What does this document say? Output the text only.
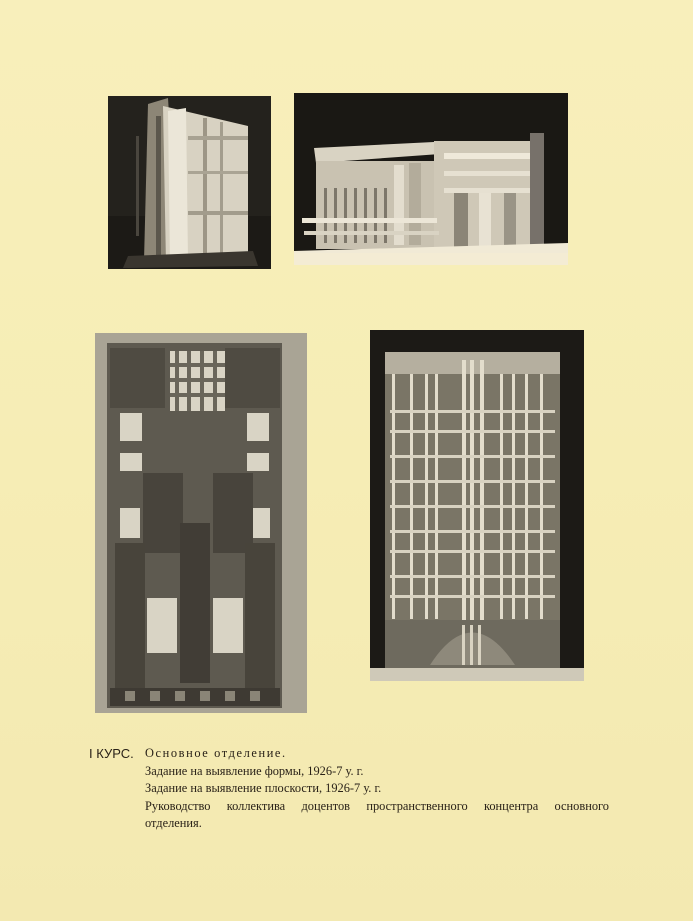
I КУРС. Основное отделение.
Задание на выявление формы, 1926-7 у. г.
Задание на выявление плоскости, 1926-7 у. г.
Руководство коллектива доцентов пространственного концентра основного
отделения.
